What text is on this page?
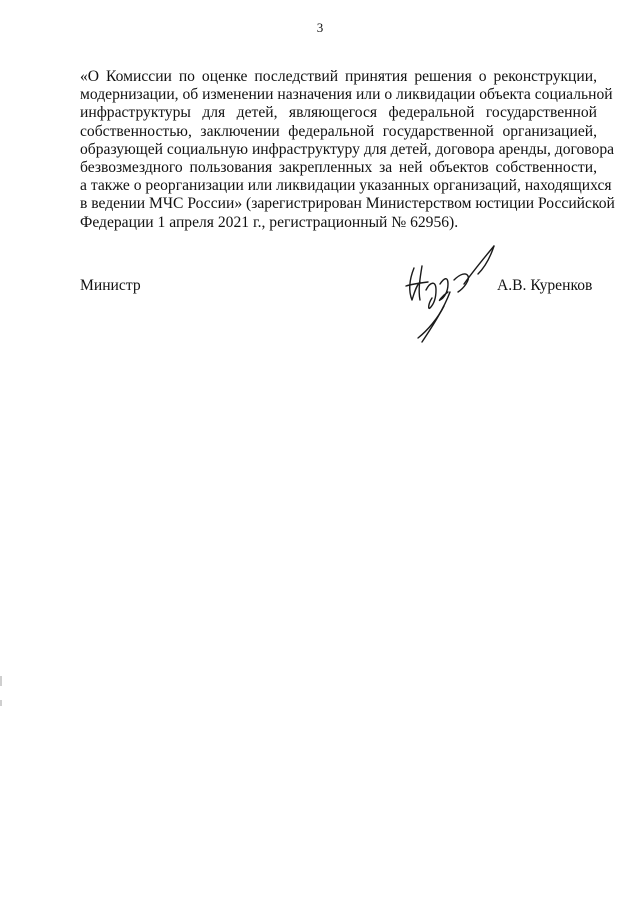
3
«О Комиссии по оценке последствий принятия решения о реконструкции,
модернизации, об изменении назначения или о ликвидации объекта социальной
инфраструктуры для детей, являющегося федеральной государственной
собственностью, заключении федеральной государственной организацией,
образующей социальную инфраструктуру для детей, договора аренды, договора
безвозмездного пользования закрепленных за ней объектов собственности,
а также о реорганизации или ликвидации указанных организаций, находящихся
в ведении МЧС России» (зарегистрирован Министерством юстиции Российской
Федерации 1 апреля 2021 г., регистрационный № 62956).
Министр	А.В. Куренков
